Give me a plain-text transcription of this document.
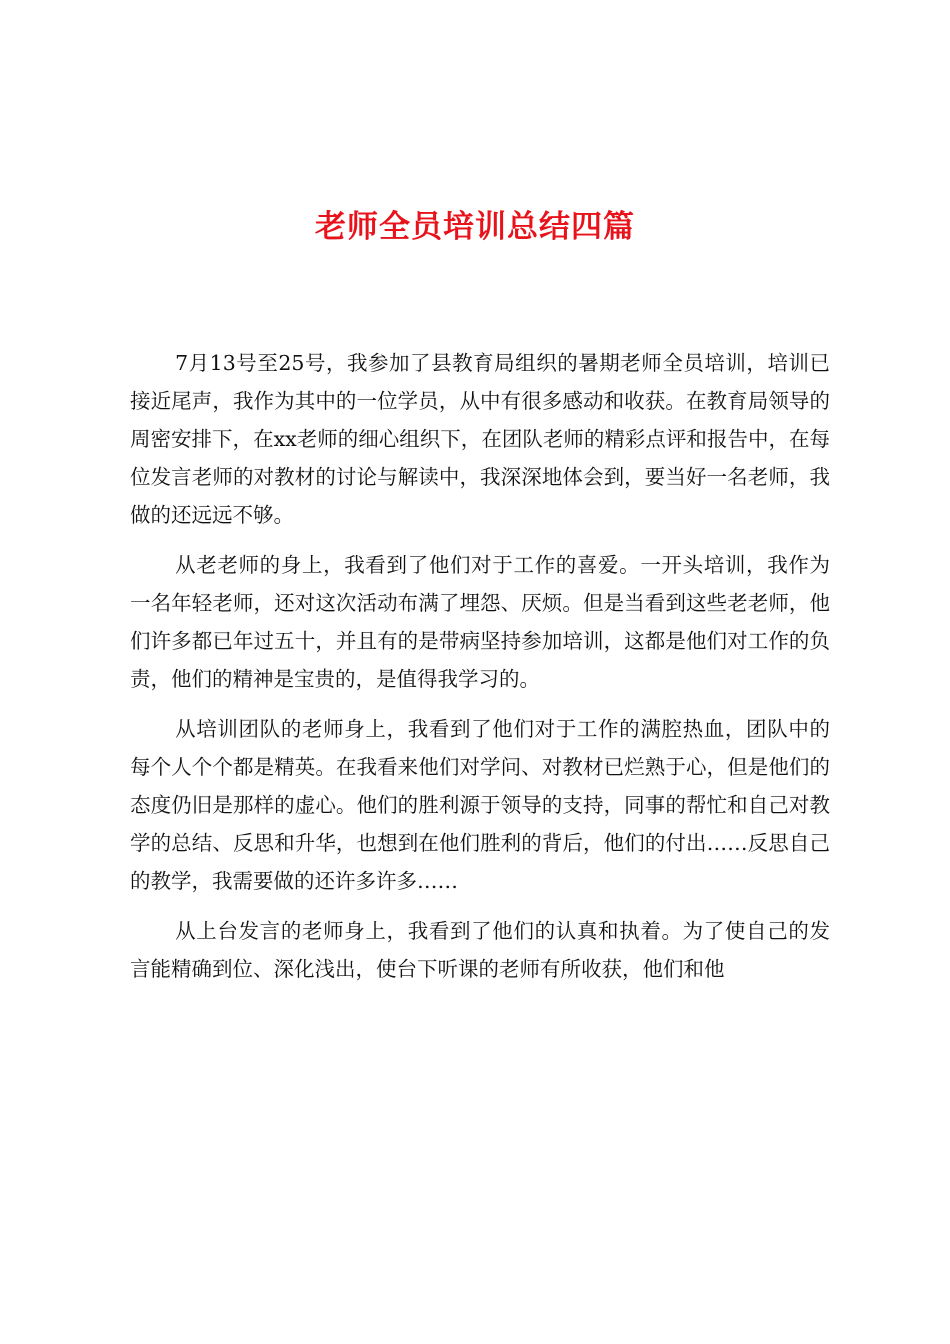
老师全员培训总结四篇

7月13号至25号，我参加了县教育局组织的暑期老师全员培训，培训已接近尾声，我作为其中的一位学员，从中有很多感动和收获。在教育局领导的周密安排下，在xx老师的细心组织下，在团队老师的精彩点评和报告中，在每位发言老师的对教材的讨论与解读中，我深深地体会到，要当好一名老师，我做的还远远不够。

从老老师的身上，我看到了他们对于工作的喜爱。一开头培训，我作为一名年轻老师，还对这次活动布满了埋怨、厌烦。但是当看到这些老老师，他们许多都已年过五十，并且有的是带病坚持参加培训，这都是他们对工作的负责，他们的精神是宝贵的，是值得我学习的。

从培训团队的老师身上，我看到了他们对于工作的满腔热血，团队中的每个人个个都是精英。在我看来他们对学问、对教材已烂熟于心，但是他们的态度仍旧是那样的虚心。他们的胜利源于领导的支持，同事的帮忙和自己对教学的总结、反思和升华，也想到在他们胜利的背后，他们的付出……反思自己的教学，我需要做的还许多许多……

从上台发言的老师身上，我看到了他们的认真和执着。为了使自己的发言能精确到位、深化浅出，使台下听课的老师有所收获，他们和他
